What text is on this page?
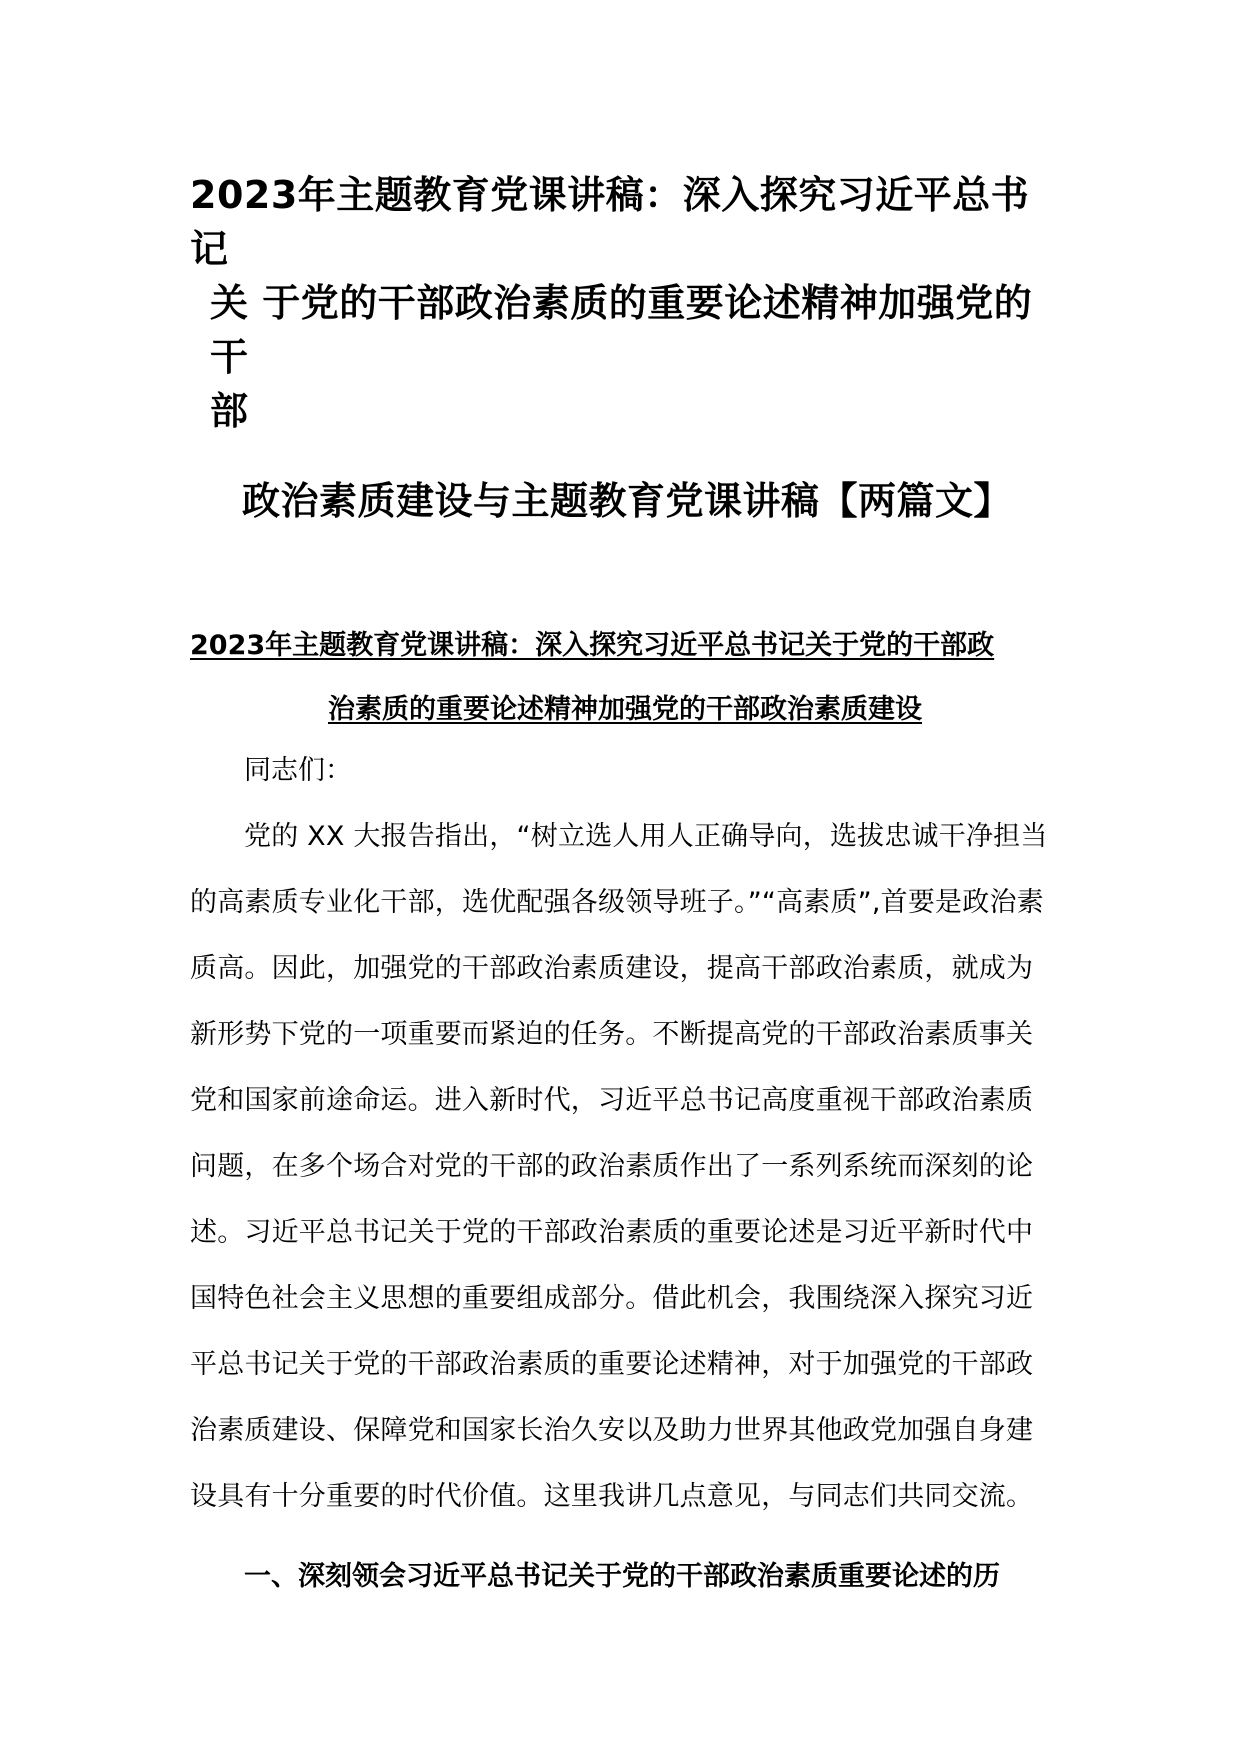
2023年主题教育党课讲稿：深入探究习近平总书记
关 于党的干部政治素质的重要论述精神加强党的干
部
政治素质建设与主题教育党课讲稿【两篇文】
2023年主题教育党课讲稿：深入探究习近平总书记关于党的干部政
治素质的重要论述精神加强党的干部政治素质建设

同志们：

党的 XX 大报告指出，“树立选人用人正确导向，选拔忠诚干净担当的高素质专业化干部，选优配强各级领导班子。”“高素质”,首要是政治素质高。因此，加强党的干部政治素质建设，提高干部政治素质，就成为新形势下党的一项重要而紧迫的任务。不断提高党的干部政治素质事关党和国家前途命运。进入新时代，习近平总书记高度重视干部政治素质问题，在多个场合对党的干部的政治素质作出了一系列系统而深刻的论述。习近平总书记关于党的干部政治素质的重要论述是习近平新时代中国特色社会主义思想的重要组成部分。借此机会，我围绕深入探究习近平总书记关于党的干部政治素质的重要论述精神，对于加强党的干部政治素质建设、保障党和国家长治久安以及助力世界其他政党加强自身建设具有十分重要的时代价值。这里我讲几点意见，与同志们共同交流。

一、深刻领会习近平总书记关于党的干部政治素质重要论述的历
